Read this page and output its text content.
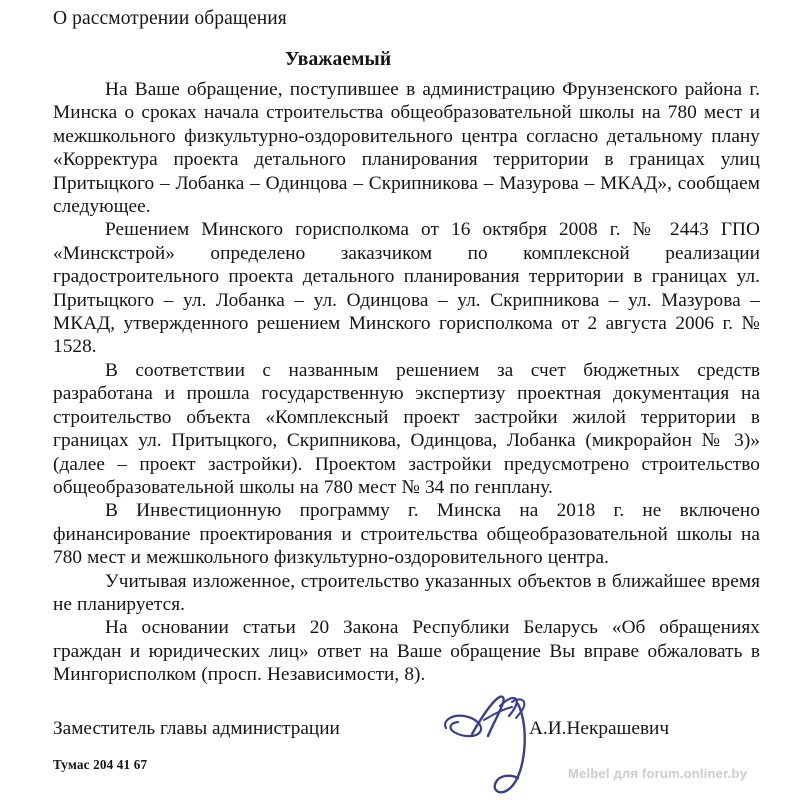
О рассмотрении обращения
Уважаемый

На Ваше обращение, поступившее в администрацию Фрунзенского района г. Минска о сроках начала строительства общеобразовательной школы на 780 мест и межшкольного физкультурно-оздоровительного центра согласно детальному плану «Корректура проекта детального планирования территории в границах улиц Притыцкого – Лобанка – Одинцова – Скрипникова – Мазурова – МКАД», сообщаем следующее.

Решением Минского горисполкома от 16 октября 2008 г. № 2443 ГПО «Минскстрой» определено заказчиком по комплексной реализации градостроительного проекта детального планирования территории в границах ул. Притыцкого – ул. Лобанка – ул. Одинцова – ул. Скрипникова – ул. Мазурова – МКАД, утвержденного решением Минского горисполкома от 2 августа 2006 г. № 1528.

В соответствии с названным решением за счет бюджетных средств разработана и прошла государственную экспертизу проектная документация на строительство объекта «Комплексный проект застройки жилой территории в границах ул. Притыцкого, Скрипникова, Одинцова, Лобанка (микрорайон № 3)» (далее – проект застройки). Проектом застройки предусмотрено строительство общеобразовательной школы на 780 мест № 34 по генплану.

В Инвестиционную программу г. Минска на 2018 г. не включено финансирование проектирования и строительства общеобразовательной школы на 780 мест и межшкольного физкультурно-оздоровительного центра.

Учитывая изложенное, строительство указанных объектов в ближайшее время не планируется.

На основании статьи 20 Закона Республики Беларусь «Об обращениях граждан и юридических лиц» ответ на Ваше обращение Вы вправе обжаловать в Мингорисполком (просп. Независимости, 8).

Заместитель главы администрации	А.И.Некрашевич
Тумас 204 41 67
Melbel для forum.onliner.by
